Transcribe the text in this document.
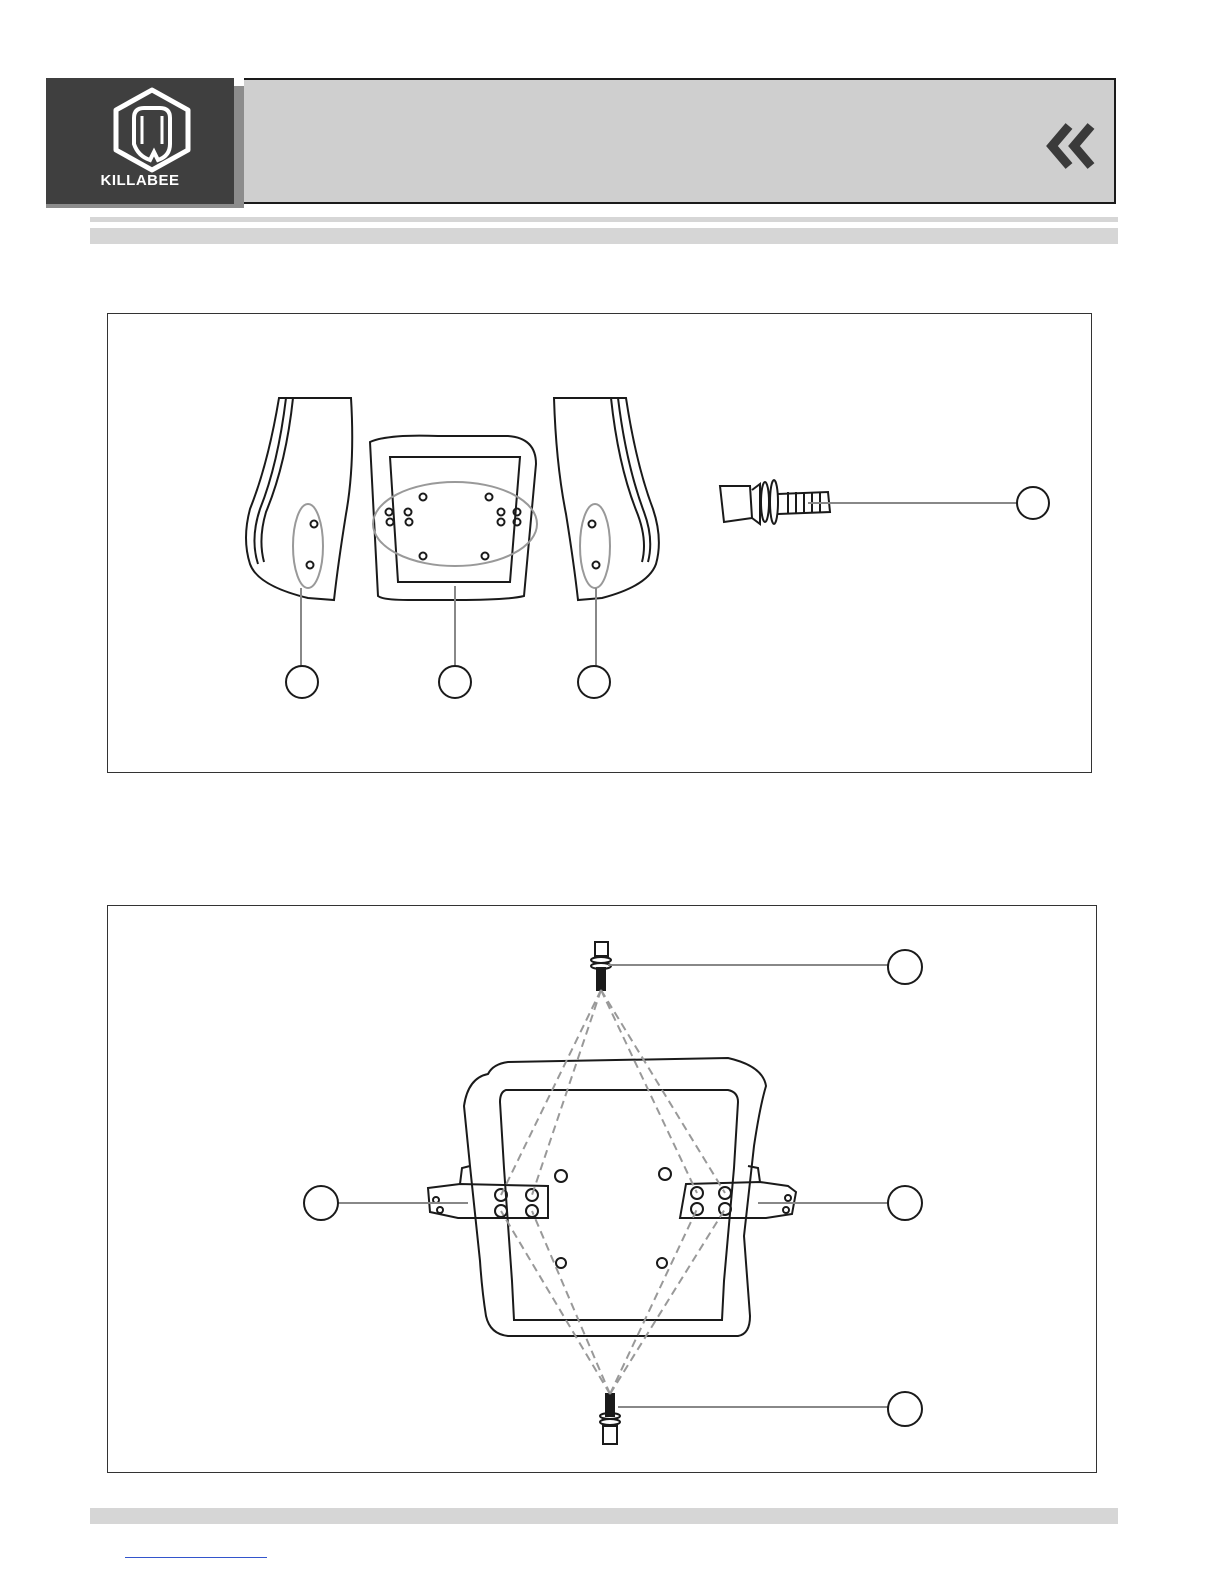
KILLABEE
